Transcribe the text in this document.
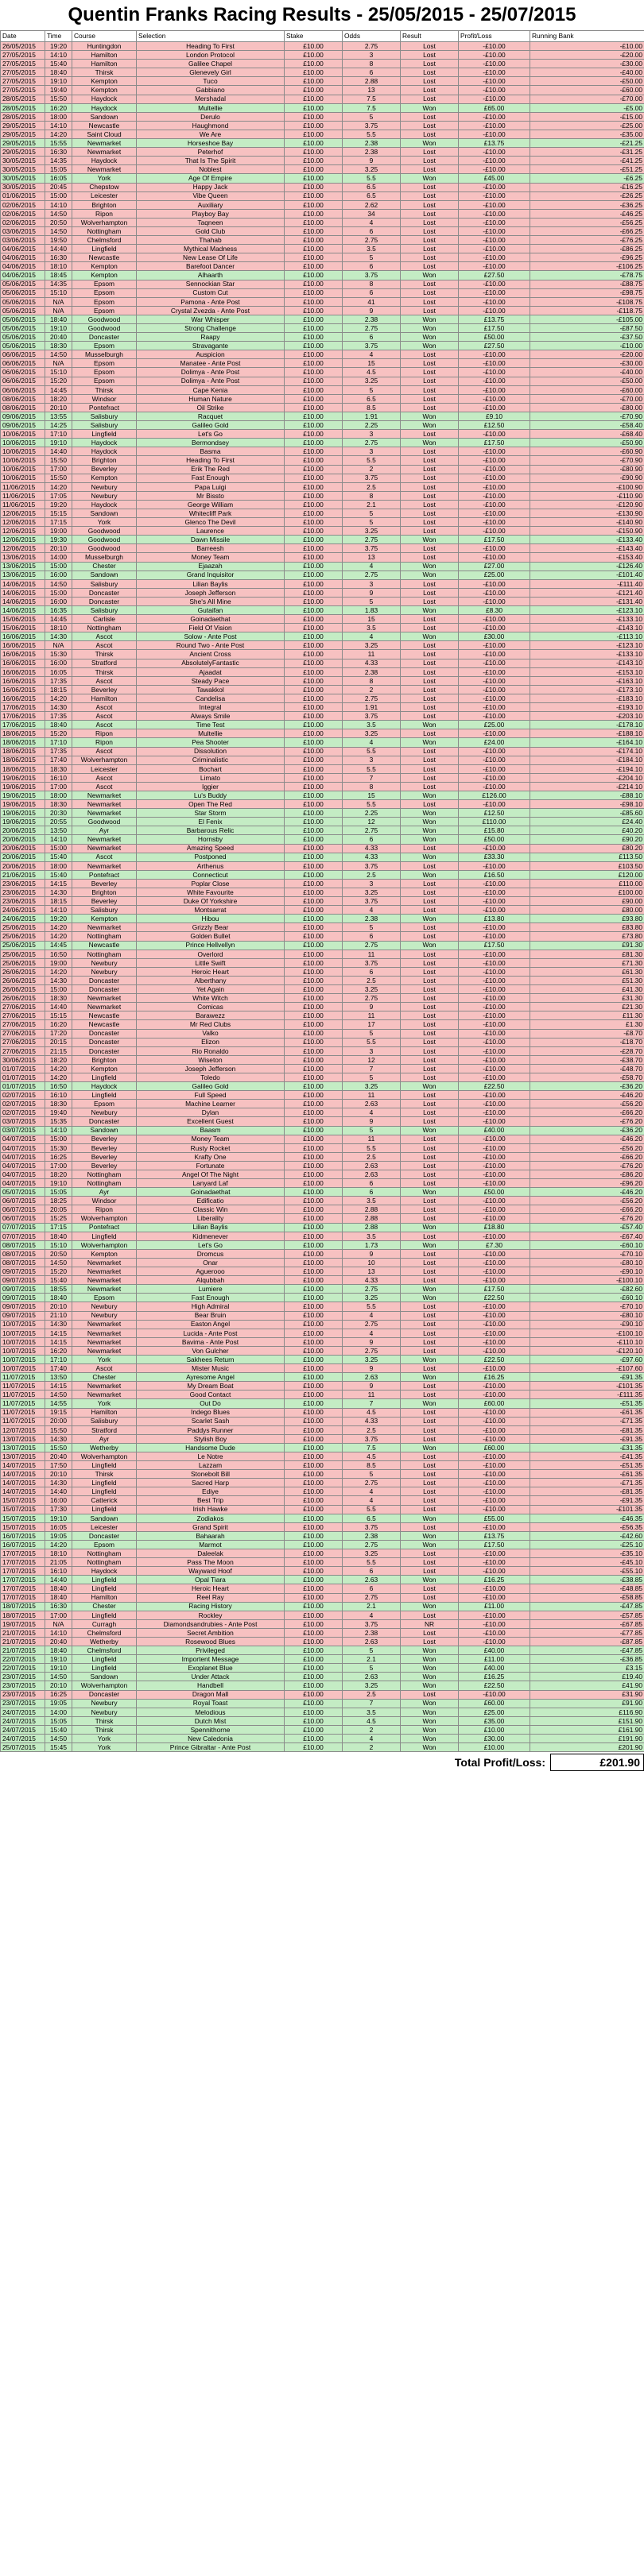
Quentin Franks Racing Results - 25/05/2015 - 25/07/2015
Date	Time	Course	Selection	Stake	Odds	Result	Profit/Loss	Running Bank
26/05/2015	19:20	Huntingdon	Heading To First	£10.00	2.75	Lost	-£10.00	-£10.00
27/05/2015	14:10	Hamilton	London Protocol	£10.00	3	Lost	-£10.00	-£20.00
27/05/2015	15:40	Hamilton	Galilee Chapel	£10.00	8	Lost	-£10.00	-£30.00
27/05/2015	18:40	Thirsk	Glenevely Girl	£10.00	6	Lost	-£10.00	-£40.00
27/05/2015	19:10	Kempton	Tuco	£10.00	2.88	Lost	-£10.00	-£50.00
27/05/2015	19:40	Kempton	Gabbiano	£10.00	13	Lost	-£10.00	-£60.00
28/05/2015	15:50	Haydock	Mershadal	£10.00	7.5	Lost	-£10.00	-£70.00
28/05/2015	16:20	Haydock	Multellie	£10.00	7.5	Won	£65.00	-£5.00
28/05/2015	18:00	Sandown	Derulo	£10.00	5	Lost	-£10.00	-£15.00
29/05/2015	14:10	Newcastle	Haughmond	£10.00	3.75	Lost	-£10.00	-£25.00
29/05/2015	14:20	Saint Cloud	We Are	£10.00	5.5	Lost	-£10.00	-£35.00
29/05/2015	15:55	Newmarket	Horseshoe Bay	£10.00	2.38	Won	£13.75	-£21.25
29/05/2015	16:30	Newmarket	Peterhof	£10.00	2.38	Lost	-£10.00	-£31.25
30/05/2015	14:35	Haydock	That Is The Spirit	£10.00	9	Lost	-£10.00	-£41.25
30/05/2015	15:05	Newmarket	Noblest	£10.00	3.25	Lost	-£10.00	-£51.25
30/05/2015	16:05	York	Age Of Empire	£10.00	5.5	Won	£45.00	-£6.25
30/05/2015	20:45	Chepstow	Happy Jack	£10.00	6.5	Lost	-£10.00	-£16.25
01/06/2015	15:00	Leicester	Vibe Queen	£10.00	6.5	Lost	-£10.00	-£26.25
02/06/2015	14:10	Brighton	Auxiliary	£10.00	2.62	Lost	-£10.00	-£36.25
02/06/2015	14:50	Ripon	Playboy Bay	£10.00	34	Lost	-£10.00	-£46.25
02/06/2015	20:50	Wolverhampton	Taqneen	£10.00	4	Lost	-£10.00	-£56.25
03/06/2015	14:50	Nottingham	Gold Club	£10.00	6	Lost	-£10.00	-£66.25
03/06/2015	19:50	Chelmsford	Thahab	£10.00	2.75	Lost	-£10.00	-£76.25
04/06/2015	14:40	Lingfield	Mythical Madness	£10.00	3.5	Lost	-£10.00	-£86.25
04/06/2015	16:30	Newcastle	New Lease Of Life	£10.00	5	Lost	-£10.00	-£96.25
04/06/2015	18:10	Kempton	Barefoot Dancer	£10.00	6	Lost	-£10.00	-£106.25
04/06/2015	18:45	Kempton	Alhaarth	£10.00	3.75	Won	£27.50	-£78.75
05/06/2015	14:35	Epsom	Sennockian Star	£10.00	8	Lost	-£10.00	-£88.75
05/06/2015	15:10	Epsom	Custom Cut	£10.00	6	Lost	-£10.00	-£98.75
05/06/2015	N/A	Epsom	Pamona - Ante Post	£10.00	41	Lost	-£10.00	-£108.75
05/06/2015	N/A	Epsom	Crystal Zvezda - Ante Post	£10.00	9	Lost	-£10.00	-£118.75
05/06/2015	18:40	Goodwood	War Whisper	£10.00	2.38	Won	£13.75	-£105.00
05/06/2015	19:10	Goodwood	Strong Challenge	£10.00	2.75	Won	£17.50	-£87.50
05/06/2015	20:40	Doncaster	Raapy	£10.00	6	Won	£50.00	-£37.50
05/06/2015	18:30	Epsom	Stravagante	£10.00	3.75	Won	£27.50	-£10.00
06/06/2015	14:50	Musselburgh	Auspicion	£10.00	4	Lost	-£10.00	-£20.00
06/06/2015	N/A	Epsom	Manatee - Ante Post	£10.00	15	Lost	-£10.00	-£30.00
06/06/2015	15:10	Epsom	Dolimya - Ante Post	£10.00	4.5	Lost	-£10.00	-£40.00
06/06/2015	15:20	Epsom	Dolimya - Ante Post	£10.00	3.25	Lost	-£10.00	-£50.00
06/06/2015	14:45	Thirsk	Cape Kenia	£10.00	5	Lost	-£10.00	-£60.00
08/06/2015	18:20	Windsor	Human Nature	£10.00	6.5	Lost	-£10.00	-£70.00
08/06/2015	20:10	Pontefract	Oil Strike	£10.00	8.5	Lost	-£10.00	-£80.00
09/06/2015	13:55	Salisbury	Racquet	£10.00	1.91	Won	£9.10	-£70.90
09/06/2015	14:25	Salisbury	Galileo Gold	£10.00	2.25	Won	£12.50	-£58.40
10/06/2015	17:10	Lingfield	Let's Go	£10.00	3	Lost	-£10.00	-£68.40
10/06/2015	19:10	Haydock	Bermondsey	£10.00	2.75	Won	£17.50	-£50.90
10/06/2015	14:40	Haydock	Basma	£10.00	3	Lost	-£10.00	-£60.90
10/06/2015	15:50	Brighton	Heading To First	£10.00	5.5	Lost	-£10.00	-£70.90
10/06/2015	17:00	Beverley	Erik The Red	£10.00	2	Lost	-£10.00	-£80.90
10/06/2015	15:50	Kempton	Fast Enough	£10.00	3.75	Lost	-£10.00	-£90.90
11/06/2015	14:20	Newbury	Papa Luigi	£10.00	2.5	Lost	-£10.00	-£100.90
11/06/2015	17:05	Newbury	Mr Bissto	£10.00	8	Lost	-£10.00	-£110.90
11/06/2015	19:20	Haydock	George William	£10.00	2.1	Lost	-£10.00	-£120.90
12/06/2015	15:15	Sandown	Whitecliff Park	£10.00	5	Lost	-£10.00	-£130.90
12/06/2015	17:15	York	Glenco The Devil	£10.00	5	Lost	-£10.00	-£140.90
12/06/2015	19:00	Goodwood	Laurence	£10.00	3.25	Lost	-£10.00	-£150.90
12/06/2015	19:30	Goodwood	Dawn Missile	£10.00	2.75	Won	£17.50	-£133.40
12/06/2015	20:10	Goodwood	Barreesh	£10.00	3.75	Lost	-£10.00	-£143.40
13/06/2015	14:00	Musselburgh	Money Team	£10.00	13	Lost	-£10.00	-£153.40
13/06/2015	15:00	Chester	Ejaazah	£10.00	4	Won	£27.00	-£126.40
13/06/2015	16:00	Sandown	Grand Inquisitor	£10.00	2.75	Won	£25.00	-£101.40
14/06/2015	14:50	Salisbury	Lilian Baylis	£10.00	3	Lost	-£10.00	-£111.40
14/06/2015	15:00	Doncaster	Joseph Jefferson	£10.00	9	Lost	-£10.00	-£121.40
14/06/2015	16:00	Doncaster	She's All Mine	£10.00	5	Lost	-£10.00	-£131.40
14/06/2015	16:35	Salisbury	Gutaifan	£10.00	1.83	Won	£8.30	-£123.10
15/06/2015	14:45	Carlisle	Goinadaethat	£10.00	15	Lost	-£10.00	-£133.10
15/06/2015	18:10	Nottingham	Field Of Vision	£10.00	3.5	Lost	-£10.00	-£143.10
16/06/2015	14:30	Ascot	Solow - Ante Post	£10.00	4	Won	£30.00	-£113.10
16/06/2015	N/A	Ascot	Round Two - Ante Post	£10.00	3.25	Lost	-£10.00	-£123.10
16/06/2015	15:30	Thirsk	Ancient Cross	£10.00	11	Lost	-£10.00	-£133.10
16/06/2015	16:00	Stratford	AbsolutelyFantastic	£10.00	4.33	Lost	-£10.00	-£143.10
16/06/2015	16:05	Thirsk	Ajaadat	£10.00	2.38	Lost	-£10.00	-£153.10
16/06/2015	17:35	Ascot	Steady Pace	£10.00	8	Lost	-£10.00	-£163.10
16/06/2015	18:15	Beverley	Tawakkol	£10.00	2	Lost	-£10.00	-£173.10
16/06/2015	14:20	Hamilton	Candelisa	£10.00	2.75	Lost	-£10.00	-£183.10
17/06/2015	14:30	Ascot	Integral	£10.00	1.91	Lost	-£10.00	-£193.10
17/06/2015	17:35	Ascot	Always Smile	£10.00	3.75	Lost	-£10.00	-£203.10
17/06/2015	18:40	Ascot	Time Test	£10.00	3.5	Won	£25.00	-£178.10
18/06/2015	15:20	Ripon	Multellie	£10.00	3.25	Lost	-£10.00	-£188.10
18/06/2015	17:10	Ripon	Pea Shooter	£10.00	4	Won	£24.00	-£164.10
18/06/2015	17:35	Ascot	Dissolution	£10.00	5.5	Lost	-£10.00	-£174.10
18/06/2015	17:40	Wolverhampton	Criminalistic	£10.00	3	Lost	-£10.00	-£184.10
18/06/2015	18:30	Leicester	Bochart	£10.00	5.5	Lost	-£10.00	-£194.10
19/06/2015	16:10	Ascot	Limato	£10.00	7	Lost	-£10.00	-£204.10
19/06/2015	17:00	Ascot	Iggier	£10.00	8	Lost	-£10.00	-£214.10
19/06/2015	18:00	Newmarket	Lu's Buddy	£10.00	15	Won	£126.00	-£88.10
19/06/2015	18:30	Newmarket	Open The Red	£10.00	5.5	Lost	-£10.00	-£98.10
19/06/2015	20:30	Newmarket	Star Storm	£10.00	2.25	Won	£12.50	-£85.60
19/06/2015	20:55	Goodwood	El Fenix	£10.00	12	Won	£110.00	£24.40
20/06/2015	13:50	Ayr	Barbarous Relic	£10.00	2.75	Won	£15.80	£40.20
20/06/2015	14:10	Newmarket	Hornsby	£10.00	6	Won	£50.00	£90.20
20/06/2015	15:00	Newmarket	Amazing Speed	£10.00	4.33	Lost	-£10.00	£80.20
20/06/2015	15:40	Ascot	Postponed	£10.00	4.33	Won	£33.30	£113.50
20/06/2015	18:00	Newmarket	Arthenus	£10.00	3.75	Lost	-£10.00	£103.50
21/06/2015	15:40	Pontefract	Connecticut	£10.00	2.5	Won	£16.50	£120.00
23/06/2015	14:15	Beverley	Poplar Close	£10.00	3	Lost	-£10.00	£110.00
23/06/2015	14:30	Brighton	White Favourite	£10.00	3.25	Lost	-£10.00	£100.00
23/06/2015	18:15	Beverley	Duke Of Yorkshire	£10.00	3.75	Lost	-£10.00	£90.00
24/06/2015	14:10	Salisbury	Montsarrat	£10.00	4	Lost	-£10.00	£80.00
24/06/2015	19:20	Kempton	Hibou	£10.00	2.38	Won	£13.80	£93.80
25/06/2015	14:20	Newmarket	Grizzly Bear	£10.00	5	Lost	-£10.00	£83.80
25/06/2015	14:20	Nottingham	Golden Bullet	£10.00	6	Lost	-£10.00	£73.80
25/06/2015	14:45	Newcastle	Prince Hellvellyn	£10.00	2.75	Won	£17.50	£91.30
25/06/2015	16:50	Nottingham	Overlord	£10.00	11	Lost	-£10.00	£81.30
25/06/2015	19:00	Newbury	Little Swift	£10.00	3.75	Lost	-£10.00	£71.30
26/06/2015	14:20	Newbury	Heroic Heart	£10.00	6	Lost	-£10.00	£61.30
26/06/2015	14:30	Doncaster	Alberthany	£10.00	2.5	Lost	-£10.00	£51.30
26/06/2015	15:00	Doncaster	Yet Again	£10.00	3.25	Lost	-£10.00	£41.30
26/06/2015	18:30	Newmarket	White Witch	£10.00	2.75	Lost	-£10.00	£31.30
27/06/2015	14:40	Newmarket	Comicas	£10.00	9	Lost	-£10.00	£21.30
27/06/2015	15:15	Newcastle	Barawezz	£10.00	11	Lost	-£10.00	£11.30
27/06/2015	16:20	Newcastle	Mr Red Clubs	£10.00	17	Lost	-£10.00	£1.30
27/06/2015	17:20	Doncaster	Valko	£10.00	5	Lost	-£10.00	-£8.70
27/06/2015	20:15	Doncaster	Elizon	£10.00	5.5	Lost	-£10.00	-£18.70
27/06/2015	21:15	Doncaster	Rio Ronaldo	£10.00	3	Lost	-£10.00	-£28.70
30/06/2015	18:20	Brighton	Wiseton	£10.00	12	Lost	-£10.00	-£38.70
01/07/2015	14:20	Kempton	Joseph Jefferson	£10.00	7	Lost	-£10.00	-£48.70
01/07/2015	14:20	Lingfield	Toledo	£10.00	5	Lost	-£10.00	-£58.70
01/07/2015	16:50	Haydock	Galileo Gold	£10.00	3.25	Won	£22.50	-£36.20
02/07/2015	16:10	Lingfield	Full Speed	£10.00	11	Lost	-£10.00	-£46.20
02/07/2015	18:30	Epsom	Machine Learner	£10.00	2.63	Lost	-£10.00	-£56.20
02/07/2015	19:40	Newbury	Dylan	£10.00	4	Lost	-£10.00	-£66.20
03/07/2015	15:35	Doncaster	Excellent Guest	£10.00	9	Lost	-£10.00	-£76.20
03/07/2015	14:10	Sandown	Baasm	£10.00	5	Won	£40.00	-£36.20
04/07/2015	15:00	Beverley	Money Team	£10.00	11	Lost	-£10.00	-£46.20
04/07/2015	15:30	Beverley	Rusty Rocket	£10.00	5.5	Lost	-£10.00	-£56.20
04/07/2015	16:25	Beverley	Krafty One	£10.00	2.5	Lost	-£10.00	-£66.20
04/07/2015	17:00	Beverley	Fortunate	£10.00	2.63	Lost	-£10.00	-£76.20
04/07/2015	18:20	Nottingham	Angel Of The Night	£10.00	2.63	Lost	-£10.00	-£86.20
04/07/2015	19:10	Nottingham	Lanyard Laf	£10.00	6	Lost	-£10.00	-£96.20
05/07/2015	15:05	Ayr	Goinadaethat	£10.00	6	Won	£50.00	-£46.20
06/07/2015	18:25	Windsor	Edificatio	£10.00	3.5	Lost	-£10.00	-£56.20
06/07/2015	20:05	Ripon	Classic Win	£10.00	2.88	Lost	-£10.00	-£66.20
06/07/2015	15:25	Wolverhampton	Liberality	£10.00	2.88	Lost	-£10.00	-£76.20
07/07/2015	17:15	Pontefract	Lilian Baylis	£10.00	2.88	Won	£18.80	-£57.40
07/07/2015	18:40	Lingfield	Kidmenever	£10.00	3.5	Lost	-£10.00	-£67.40
08/07/2015	15:10	Wolverhampton	Let's Go	£10.00	1.73	Won	£7.30	-£60.10
08/07/2015	20:50	Kempton	Dromcus	£10.00	9	Lost	-£10.00	-£70.10
08/07/2015	14:50	Newmarket	Onar	£10.00	10	Lost	-£10.00	-£80.10
09/07/2015	15:20	Newmarket	Aguerooo	£10.00	13	Lost	-£10.00	-£90.10
09/07/2015	15:40	Newmarket	Alqubbah	£10.00	4.33	Lost	-£10.00	-£100.10
09/07/2015	18:55	Newmarket	Lumiere	£10.00	2.75	Won	£17.50	-£82.60
09/07/2015	18:40	Epsom	Fast Enough	£10.00	3.25	Won	£22.50	-£60.10
09/07/2015	20:10	Newbury	High Admiral	£10.00	5.5	Lost	-£10.00	-£70.10
09/07/2015	21:10	Newbury	Bear Bruin	£10.00	4	Lost	-£10.00	-£80.10
10/07/2015	14:30	Newmarket	Easton Angel	£10.00	2.75	Lost	-£10.00	-£90.10
10/07/2015	14:15	Newmarket	Lucida - Ante Post	£10.00	4	Lost	-£10.00	-£100.10
10/07/2015	14:15	Newmarket	Bavima - Ante Post	£10.00	9	Lost	-£10.00	-£110.10
10/07/2015	16:20	Newmarket	Von Gulcher	£10.00	2.75	Lost	-£10.00	-£120.10
10/07/2015	17:10	York	Sakhees Return	£10.00	3.25	Won	£22.50	-£97.60
10/07/2015	17:40	Ascot	Mister Music	£10.00	9	Lost	-£10.00	-£107.60
11/07/2015	13:50	Chester	Ayresome Angel	£10.00	2.63	Won	£16.25	-£91.35
11/07/2015	14:15	Newmarket	My Dream Boat	£10.00	9	Lost	-£10.00	-£101.35
11/07/2015	14:50	Newmarket	Good Contact	£10.00	11	Lost	-£10.00	-£111.35
11/07/2015	14:55	York	Out Do	£10.00	7	Won	£60.00	-£51.35
11/07/2015	19:15	Hamilton	Indego Blues	£10.00	4.5	Lost	-£10.00	-£61.35
11/07/2015	20:00	Salisbury	Scarlet Sash	£10.00	4.33	Lost	-£10.00	-£71.35
12/07/2015	15:50	Stratford	Paddys Runner	£10.00	2.5	Lost	-£10.00	-£81.35
13/07/2015	14:30	Ayr	Stylish Boy	£10.00	3.75	Lost	-£10.00	-£91.35
13/07/2015	15:50	Wetherby	Handsome Dude	£10.00	7.5	Won	£60.00	-£31.35
13/07/2015	20:40	Wolverhampton	Le Notre	£10.00	4.5	Lost	-£10.00	-£41.35
14/07/2015	17:50	Lingfield	Lazzam	£10.00	8.5	Lost	-£10.00	-£51.35
14/07/2015	20:10	Thirsk	Stonebolt Bill	£10.00	5	Lost	-£10.00	-£61.35
14/07/2015	14:30	Lingfield	Sacred Harp	£10.00	2.75	Lost	-£10.00	-£71.35
14/07/2015	14:40	Lingfield	Ediye	£10.00	4	Lost	-£10.00	-£81.35
15/07/2015	16:00	Catterick	Best Trip	£10.00	4	Lost	-£10.00	-£91.35
15/07/2015	17:30	Lingfield	Irish Hawke	£10.00	5.5	Lost	-£10.00	-£101.35
15/07/2015	19:10	Sandown	Zodiakos	£10.00	6.5	Won	£55.00	-£46.35
15/07/2015	16:05	Leicester	Grand Spirit	£10.00	3.75	Lost	-£10.00	-£56.35
16/07/2015	19:05	Doncaster	Bahaarah	£10.00	2.38	Won	£13.75	-£42.60
16/07/2015	14:20	Epsom	Marmot	£10.00	2.75	Won	£17.50	-£25.10
17/07/2015	18:10	Nottingham	Daleelak	£10.00	3.25	Lost	-£10.00	-£35.10
17/07/2015	21:05	Nottingham	Pass The Moon	£10.00	5.5	Lost	-£10.00	-£45.10
17/07/2015	16:10	Haydock	Wayward Hoof	£10.00	6	Lost	-£10.00	-£55.10
17/07/2015	14:40	Lingfield	Opal Tiara	£10.00	2.63	Won	£16.25	-£38.85
17/07/2015	18:40	Lingfield	Heroic Heart	£10.00	6	Lost	-£10.00	-£48.85
17/07/2015	18:40	Hamilton	Reel Ray	£10.00	2.75	Lost	-£10.00	-£58.85
18/07/2015	16:30	Chester	Racing History	£10.00	2.1	Won	£11.00	-£47.85
18/07/2015	17:00	Lingfield	Rockley	£10.00	4	Lost	-£10.00	-£57.85
19/07/2015	N/A	Curragh	Diamondsandrubies - Ante Post	£10.00	3.75	NR	-£10.00	-£67.85
21/07/2015	14:10	Chelmsford	Secret Ambition	£10.00	2.38	Lost	-£10.00	-£77.85
21/07/2015	20:40	Wetherby	Rosewood Blues	£10.00	2.63	Lost	-£10.00	-£87.85
21/07/2015	18:40	Chelmsford	Privileged	£10.00	5	Won	£40.00	-£47.85
22/07/2015	19:10	Lingfield	Importent Message	£10.00	2.1	Won	£11.00	-£36.85
22/07/2015	19:10	Lingfield	Exoplanet Blue	£10.00	5	Won	£40.00	£3.15
23/07/2015	14:50	Sandown	Under Attack	£10.00	2.63	Won	£16.25	£19.40
23/07/2015	20:10	Wolverhampton	Handbell	£10.00	3.25	Won	£22.50	£41.90
23/07/2015	16:25	Doncaster	Dragon Mall	£10.00	2.5	Lost	-£10.00	£31.90
23/07/2015	19:05	Newbury	Royal Toast	£10.00	7	Won	£60.00	£91.90
24/07/2015	14:00	Newbury	Melodious	£10.00	3.5	Won	£25.00	£116.90
24/07/2015	15:05	Thirsk	Dutch Mist	£10.00	4.5	Won	£35.00	£151.90
24/07/2015	15:40	Thirsk	Spennithorne	£10.00	2	Won	£10.00	£161.90
24/07/2015	14:50	York	New Caledonia	£10.00	4	Won	£30.00	£191.90
25/07/2015	15:45	York	Prince Gibraltar - Ante Post	£10.00	2	Won	£10.00	£201.90
Total Profit/Loss:	£201.90
